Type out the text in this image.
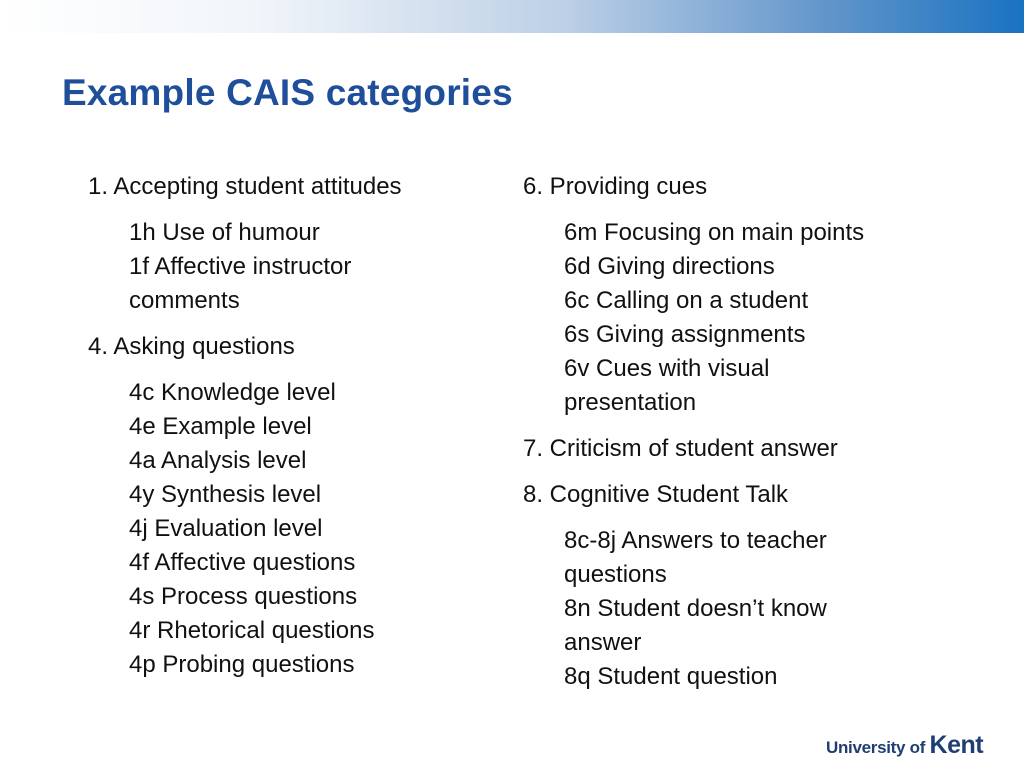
Example CAIS categories
1. Accepting student attitudes
1h Use of humour
1f Affective instructor comments
4. Asking questions
4c Knowledge level
4e Example level
4a Analysis level
4y Synthesis level
4j Evaluation level
4f Affective questions
4s Process questions
4r Rhetorical questions
4p Probing questions
6. Providing cues
6m Focusing on main points
6d Giving directions
6c Calling on a student
6s Giving assignments
6v Cues with visual presentation
7. Criticism of student answer
8. Cognitive Student Talk
8c-8j Answers to teacher questions
8n Student doesn’t know answer
8q Student question
University of Kent
